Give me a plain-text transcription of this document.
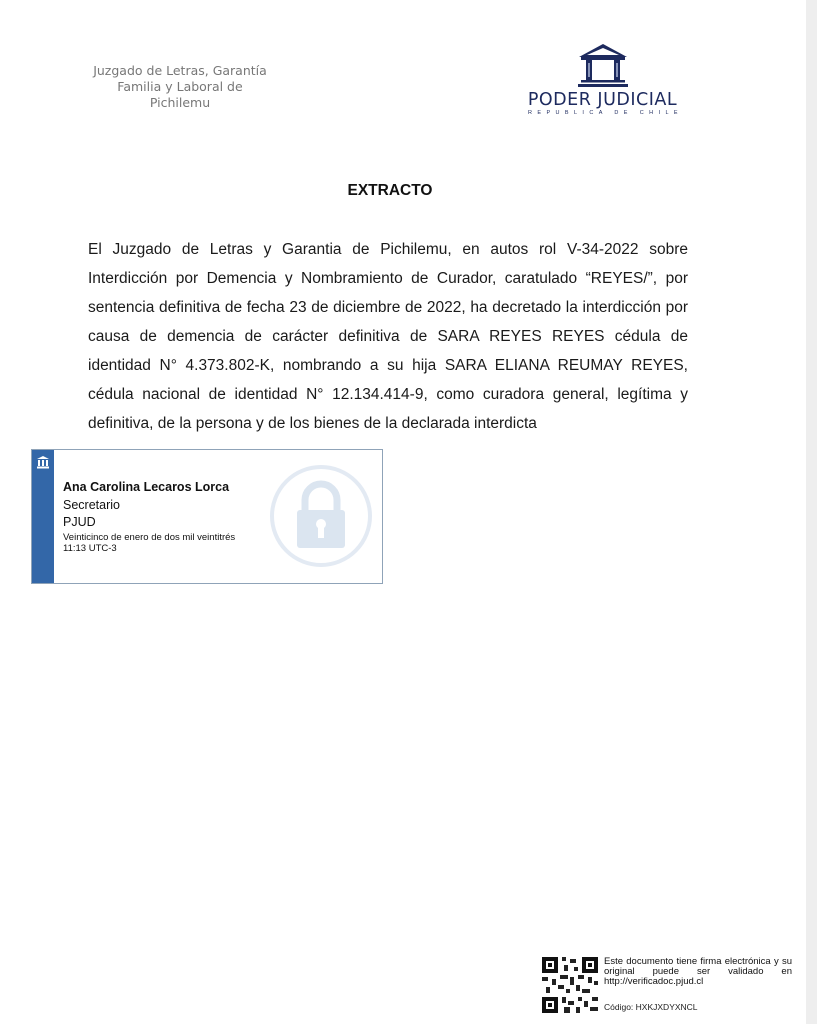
Juzgado de Letras, Garantía
Familia y Laboral de
Pichilemu	PODER JUDICIAL
REPUBLICA DE CHILE
EXTRACTO
El Juzgado de Letras y Garantia de Pichilemu, en autos rol V-34-2022 sobre Interdicción por Demencia y Nombramiento de Curador, caratulado “REYES/”, por sentencia definitiva de fecha 23 de diciembre de 2022, ha decretado la interdicción por causa de demencia de carácter definitiva de SARA REYES REYES cédula de identidad N° 4.373.802-K, nombrando a su hija SARA ELIANA REUMAY REYES, cédula nacional de identidad N° 12.134.414-9, como curadora general, legítima y definitiva, de la persona y de los bienes de la declarada interdicta
Ana Carolina Lecaros Lorca
Secretario
PJUD
Veinticinco de enero de dos mil veintitrés
11:13 UTC-3
Este documento tiene firma electrónica y su original puede ser validado en http://verificadoc.pjud.cl
Código: HXKJXDYXNCL
